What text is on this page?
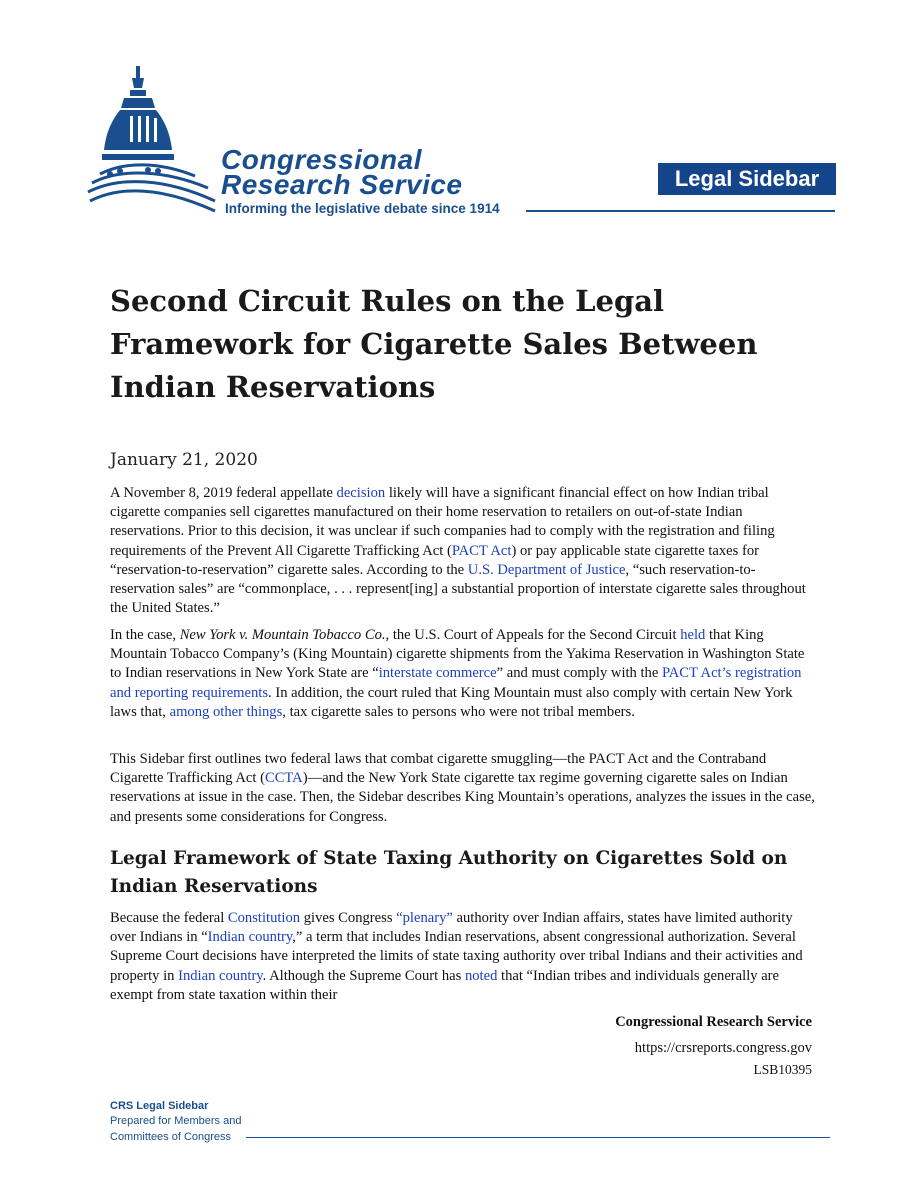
Congressional
Research Service
Informing the legislative debate since 1914
Legal Sidebar
Second Circuit Rules on the Legal Framework for Cigarette Sales Between Indian Reservations
January 21, 2020

A November 8, 2019 federal appellate decision likely will have a significant financial effect on how Indian tribal cigarette companies sell cigarettes manufactured on their home reservation to retailers on out-of-state Indian reservations. Prior to this decision, it was unclear if such companies had to comply with the registration and filing requirements of the Prevent All Cigarette Trafficking Act (PACT Act) or pay applicable state cigarette taxes for “reservation-to-reservation” cigarette sales. According to the U.S. Department of Justice, “such reservation-to-reservation sales” are “commonplace, . . . represent[ing] a substantial proportion of interstate cigarette sales throughout the United States.”

In the case, New York v. Mountain Tobacco Co., the U.S. Court of Appeals for the Second Circuit held that King Mountain Tobacco Company’s (King Mountain) cigarette shipments from the Yakima Reservation in Washington State to Indian reservations in New York State are “interstate commerce” and must comply with the PACT Act’s registration and reporting requirements. In addition, the court ruled that King Mountain must also comply with certain New York laws that, among other things, tax cigarette sales to persons who were not tribal members.

This Sidebar first outlines two federal laws that combat cigarette smuggling—the PACT Act and the Contraband Cigarette Trafficking Act (CCTA)—and the New York State cigarette tax regime governing cigarette sales on Indian reservations at issue in the case. Then, the Sidebar describes King Mountain’s operations, analyzes the issues in the case, and presents some considerations for Congress.

Legal Framework of State Taxing Authority on Cigarettes Sold on Indian Reservations

Because the federal Constitution gives Congress “plenary” authority over Indian affairs, states have limited authority over Indians in “Indian country,” a term that includes Indian reservations, absent congressional authorization. Several Supreme Court decisions have interpreted the limits of state taxing authority over tribal Indians and their activities and property in Indian country. Although the Supreme Court has noted that “Indian tribes and individuals generally are exempt from state taxation within their

Congressional Research Service
https://crsreports.congress.gov
LSB10395
CRS Legal Sidebar
Prepared for Members and
Committees of Congress
